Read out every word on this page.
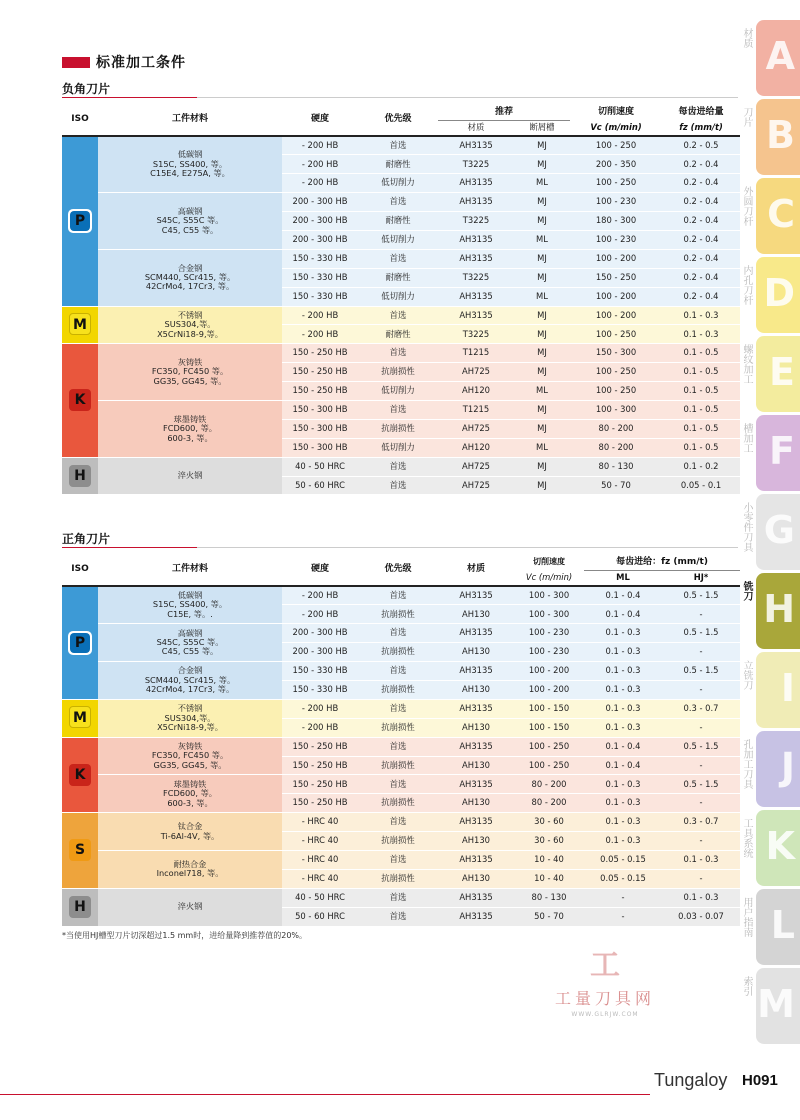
标准加工条件
负角刀片
ISO	工件材料	硬度	优先级	推荐		切削速度	每齿进给量
				材质	断屑槽	Vc (m/min)	fz (mm/t)
P	低碳钢
S15C, SS400, 等。
C15E4, E275A, 等。	- 200 HB	首选	AH3135	MJ	100 - 250	0.2 - 0.5
		- 200 HB	耐磨性	T3225	MJ	200 - 350	0.2 - 0.4
		- 200 HB	低切削力	AH3135	ML	100 - 250	0.2 - 0.4
	高碳钢
S45C, S55C 等。
C45, C55 等。	200 - 300 HB	首选	AH3135	MJ	100 - 230	0.2 - 0.4
		200 - 300 HB	耐磨性	T3225	MJ	180 - 300	0.2 - 0.4
		200 - 300 HB	低切削力	AH3135	ML	100 - 230	0.2 - 0.4
	合金钢
SCM440, SCr415, 等。
42CrMo4, 17Cr3, 等。	150 - 330 HB	首选	AH3135	MJ	100 - 200	0.2 - 0.4
		150 - 330 HB	耐磨性	T3225	MJ	150 - 250	0.2 - 0.4
		150 - 330 HB	低切削力	AH3135	ML	100 - 200	0.2 - 0.4
M	不锈钢
SUS304,等。
X5CrNi18-9,等。	- 200 HB	首选	AH3135	MJ	100 - 200	0.1 - 0.3
		- 200 HB	耐磨性	T3225	MJ	100 - 250	0.1 - 0.3
K	灰铸铁
FC350, FC450 等。
GG35, GG45, 等。	150 - 250 HB	首选	T1215	MJ	150 - 300	0.1 - 0.5
		150 - 250 HB	抗崩损性	AH725	MJ	100 - 250	0.1 - 0.5
		150 - 250 HB	低切削力	AH120	ML	100 - 250	0.1 - 0.5
	球墨铸铁
FCD600, 等。
600-3, 等。	150 - 300 HB	首选	T1215	MJ	100 - 300	0.1 - 0.5
		150 - 300 HB	抗崩损性	AH725	MJ	80 - 200	0.1 - 0.5
		150 - 300 HB	低切削力	AH120	ML	80 - 200	0.1 - 0.5
H	淬火钢	40 - 50 HRC	首选	AH725	MJ	80 - 130	0.1 - 0.2
		50 - 60 HRC	首选	AH725	MJ	50 - 70	0.05 - 0.1
正角刀片
ISO	工件材料	硬度	优先级	材质	切削速度	每齿进给：fz (mm/t)	
					Vc (m/min)	ML	HJ*
P	低碳钢
S15C, SS400, 等。
C15E, 等。.	- 200 HB	首选	AH3135	100 - 300	0.1 - 0.4	0.5 - 1.5
		- 200 HB	抗崩损性	AH130	100 - 300	0.1 - 0.4	-
	高碳钢
S45C, S55C 等。
C45, C55 等。	200 - 300 HB	首选	AH3135	100 - 230	0.1 - 0.3	0.5 - 1.5
		200 - 300 HB	抗崩损性	AH130	100 - 230	0.1 - 0.3	-
	合金钢
SCM440, SCr415, 等。
42CrMo4, 17Cr3, 等。	150 - 330 HB	首选	AH3135	100 - 200	0.1 - 0.3	0.5 - 1.5
		150 - 330 HB	抗崩损性	AH130	100 - 200	0.1 - 0.3	-
M	不锈钢
SUS304,等。
X5CrNi18-9,等。	- 200 HB	首选	AH3135	100 - 150	0.1 - 0.3	0.3 - 0.7
		- 200 HB	抗崩损性	AH130	100 - 150	0.1 - 0.3	-
K	灰铸铁
FC350, FC450 等。
GG35, GG45, 等。	150 - 250 HB	首选	AH3135	100 - 250	0.1 - 0.4	0.5 - 1.5
		150 - 250 HB	抗崩损性	AH130	100 - 250	0.1 - 0.4	-
	球墨铸铁
FCD600, 等。
600-3, 等。	150 - 250 HB	首选	AH3135	80 - 200	0.1 - 0.3	0.5 - 1.5
		150 - 250 HB	抗崩损性	AH130	80 - 200	0.1 - 0.3	-
S	钛合金
Ti-6Al-4V, 等。	- HRC 40	首选	AH3135	30 - 60	0.1 - 0.3	0.3 - 0.7
		- HRC 40	抗崩损性	AH130	30 - 60	0.1 - 0.3	-
	耐热合金
Inconel718, 等。	- HRC 40	首选	AH3135	10 - 40	0.05 - 0.15	0.1 - 0.3
		- HRC 40	抗崩损性	AH130	10 - 40	0.05 - 0.15	-
H	淬火钢	40 - 50 HRC	首选	AH3135	80 - 130	-	0.1 - 0.3
		50 - 60 HRC	首选	AH3135	50 - 70	-	0.03 - 0.07
*当使用HJ槽型刀片切深超过1.5 mm时，进给量降到推荐值的20%。
工
工量刀具网
WWW.GLRJW.COM
A
材质
B
刀片
C
外圆刀杆
D
内孔刀杆
E
螺纹加工
F
槽加工
G
小零件刀具
H
铣刀
I
立铣刀
J
孔加工刀具
K
工具系统
L
用户指南
M
索引
Tungaloy H091
